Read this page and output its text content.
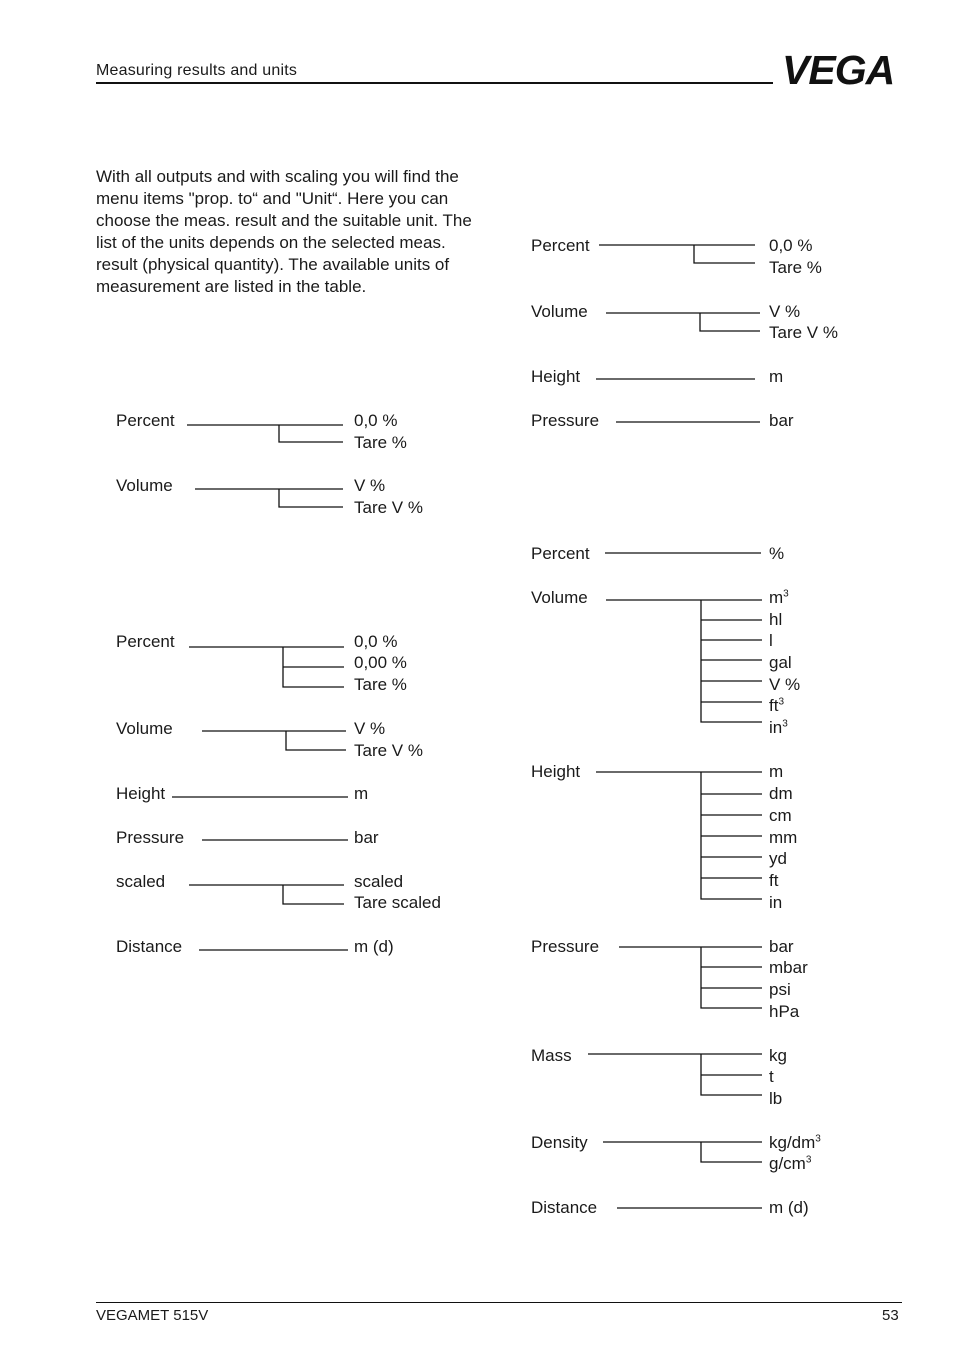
Measuring results and units	VEGA
With all outputs and with scaling you will find the menu items "prop. to“ and "Unit“. Here you can choose the meas. result and the suitable unit. The list of the units depends on the selected meas. result (physical quantity). The available units of measurement are listed in the table.
Percent	0,0 %
Tare %
Volume	V %
Tare V %
Percent	0,0 %
0,00 %
Tare %
Volume	V %
Tare V %
Height	m
Pressure	bar
scaled	scaled
Tare scaled
Distance	m (d)
Percent	0,0 %
Tare %
Volume	V %
Tare V %
Height	m
Pressure	bar
Percent	%
Volume	$m^3$
hl
l
gal
V %
$ft^3$
$in^3$
Height	m
dm
cm
mm
yd
ft
in
Pressure	bar
mbar
psi
hPa
Mass	kg
t
lb
Density	$kg/dm^3$
$g/cm^3$
Distance	m (d)
VEGAMET 515V	53
